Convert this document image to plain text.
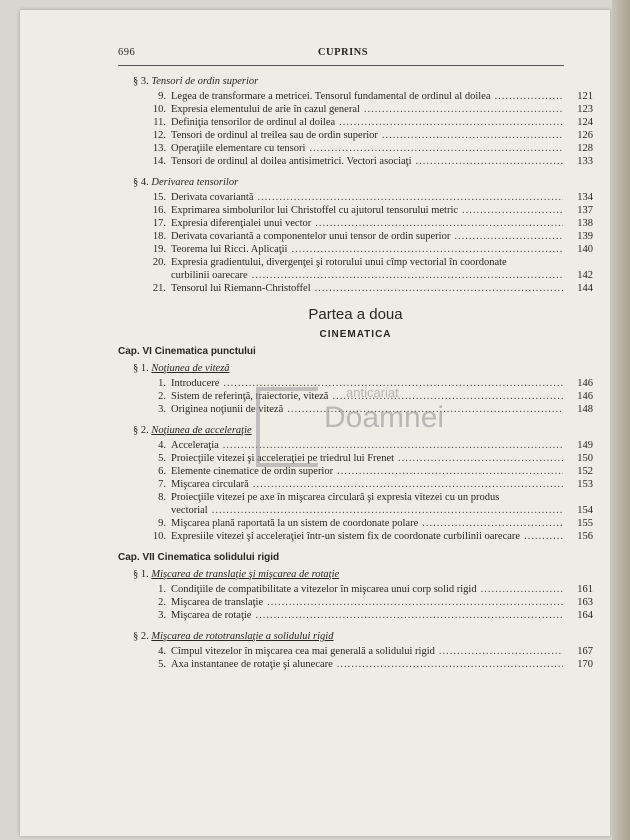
696	CUPRINS
§ 3. Tensori de ordin superior
9. Legea de transformare a metricei. Tensorul fundamental de ordinul al doilea .....	121
10. Expresia elementului de arie în cazul general .....	123
11. Definiţia tensorilor de ordinul al doilea .....	124
12. Tensori de ordinul al treilea sau de ordin superior .....	126
13. Operaţiile elementare cu tensori .....	128
14. Tensori de ordinul al doilea antisimetrici. Vectori asociaţi .....	133
§ 4. Derivarea tensorilor
15. Derivata covariantă .....	134
16. Exprimarea simbolurilor lui Christoffel cu ajutorul tensorului metric .....	137
17. Expresia diferenţialei unui vector .....	138
18. Derivata covariantă a componentelor unui tensor de ordin superior .....	139
19. Teorema lui Ricci. Aplicaţii .....	140
20. Expresia gradientului, divergenţei şi rotorului unui cîmp vectorial în coordonate
curbilinii oarecare .....	142
21. Tensorul lui Riemann-Christoffel .....	144
Partea a doua
CINEMATICA
Cap. VI Cinematica punctului
§ 1. Noţiunea de viteză
1. Introducere .....	146
2. Sistem de referinţă, traiectorie, viteză .....	146
3. Originea noţiunii de viteză .....	148
§ 2. Noţiunea de acceleraţie
4. Acceleraţia .....	149
5. Proiecţiile vitezei şi acceleraţiei pe triedrul lui Frenet .....	150
6. Elemente cinematice de ordin superior .....	152
7. Mişcarea circulară .....	153
8. Proiecţiile vitezei pe axe în mişcarea circulară şi expresia vitezei cu un produs
vectorial .....	154
9. Mişcarea plană raportată la un sistem de coordonate polare .....	155
10. Expresiile vitezei şi acceleraţiei într-un sistem fix de coordonate curbilinii oarecare .....	156
Cap. VII Cinematica solidului rigid
§ 1. Mişcarea de translaţie şi mişcarea de rotaţie
1. Condiţiile de compatibilitate a vitezelor în mişcarea unui corp solid rigid .....	161
2. Mişcarea de translaţie .....	163
3. Mişcarea de rotaţie .....	164
§ 2. Mişcarea de rototranslaţie a solidului rigid
4. Cîmpul vitezelor în mişcarea cea mai generală a solidului rigid .....	167
5. Axa instantanee de rotaţie şi alunecare .....	170
anticariat
Doamnei
